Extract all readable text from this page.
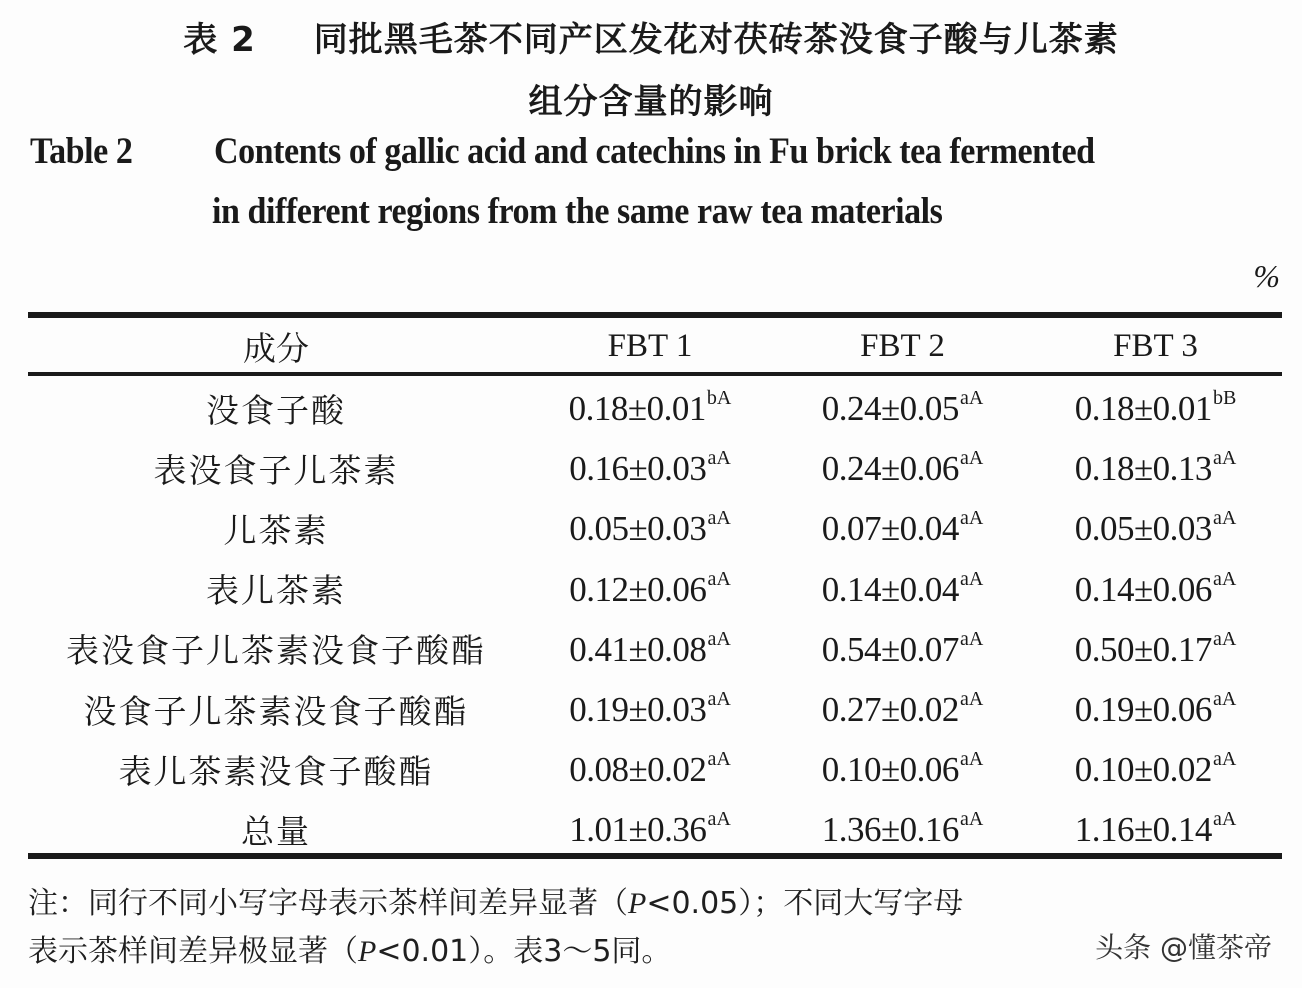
表 2 同批黑毛茶不同产区发花对茯砖茶没食子酸与儿茶素
组分含量的影响
Table 2 Contents of gallic acid and catechins in Fu brick tea fermented
in different regions from the same raw tea materials
%
成分	FBT 1	FBT 2	FBT 3

没食子酸	$0.18\pm 0.01^{bA}$	$0.24\pm 0.05^{aA}$	$0.18\pm 0.01^{bB}$
表没食子儿茶素	$0.16\pm 0.03^{aA}$	$0.24\pm 0.06^{aA}$	$0.18\pm 0.13^{aA}$
儿茶素	$0.05\pm 0.03^{aA}$	$0.07\pm 0.04^{aA}$	$0.05\pm 0.03^{aA}$
表儿茶素	$0.12\pm 0.06^{aA}$	$0.14\pm 0.04^{aA}$	$0.14\pm 0.06^{aA}$
表没食子儿茶素没食子酸酯	$0.41\pm 0.08^{aA}$	$0.54\pm 0.07^{aA}$	$0.50\pm 0.17^{aA}$
没食子儿茶素没食子酸酯	$0.19\pm 0.03^{aA}$	$0.27\pm 0.02^{aA}$	$0.19\pm 0.06^{aA}$
表儿茶素没食子酸酯	$0.08\pm 0.02^{aA}$	$0.10\pm 0.06^{aA}$	$0.10\pm 0.02^{aA}$
总量	$1.01\pm 0.36^{aA}$	$1.36\pm 0.16^{aA}$	$1.16\pm 0.14^{aA}$
注：同行不同小写字母表示茶样间差异显著（P<0.05）；不同大写字母
表示茶样间差异极显著（P<0.01）。表3～5同。	头条 @懂茶帝
